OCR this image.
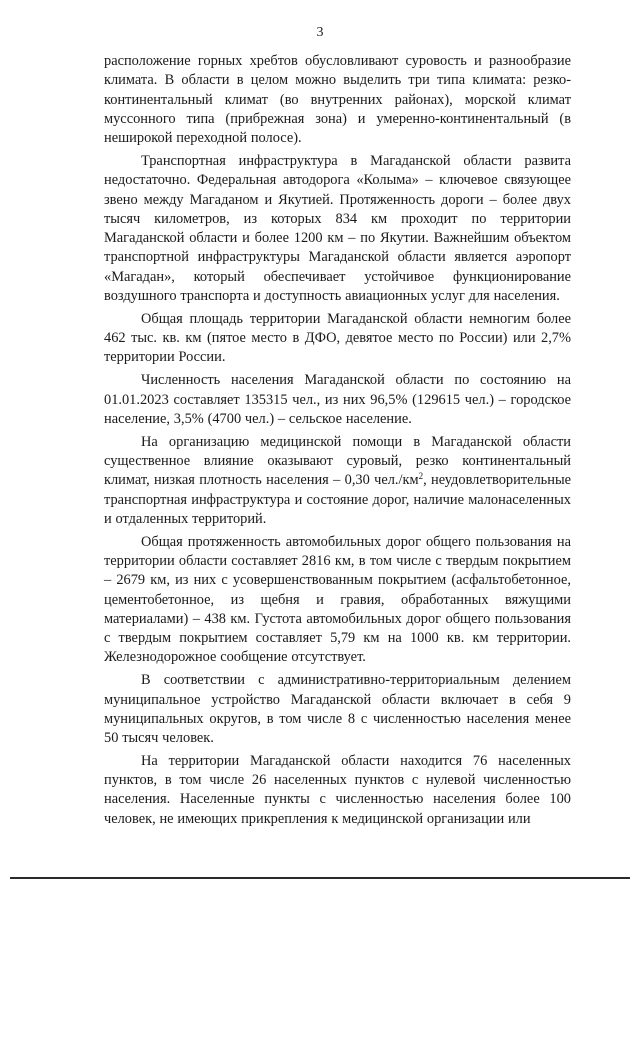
3

расположение горных хребтов обусловливают суровость и разнообразие климата. В области в целом можно выделить три типа климата: резко-континентальный климат (во внутренних районах), морской климат муссонного типа (прибрежная зона) и умеренно-континентальный (в неширокой переходной полосе).

Транспортная инфраструктура в Магаданской области развита недостаточно. Федеральная автодорога «Колыма» – ключевое связующее звено между Магаданом и Якутией. Протяженность дороги – более двух тысяч километров, из которых 834 км проходит по территории Магаданской области и более 1200 км – по Якутии. Важнейшим объектом транспортной инфраструктуры Магаданской области является аэропорт «Магадан», который обеспечивает устойчивое функционирование воздушного транспорта и доступность авиационных услуг для населения.

Общая площадь территории Магаданской области немногим более 462 тыс. кв. км (пятое место в ДФО, девятое место по России) или 2,7% территории России.

Численность населения Магаданской области по состоянию на 01.01.2023 составляет 135315 чел., из них 96,5% (129615 чел.) – городское население, 3,5% (4700 чел.) – сельское население.

На организацию медицинской помощи в Магаданской области существенное влияние оказывают суровый, резко континентальный климат, низкая плотность населения – 0,30 $чел./км^2$, неудовлетворительные транспортная инфраструктура и состояние дорог, наличие малонаселенных и отдаленных территорий.

Общая протяженность автомобильных дорог общего пользования на территории области составляет 2816 км, в том числе с твердым покрытием – 2679 км, из них с усовершенствованным покрытием (асфальтобетонное, цементобетонное, из щебня и гравия, обработанных вяжущими материалами) – 438 км. Густота автомобильных дорог общего пользования с твердым покрытием составляет 5,79 км на 1000 кв. км территории. Железнодорожное сообщение отсутствует.

В соответствии с административно-территориальным делением муниципальное устройство Магаданской области включает в себя 9 муниципальных округов, в том числе 8 с численностью населения менее 50 тысяч человек.

На территории Магаданской области находится 76 населенных пунктов, в том числе 26 населенных пунктов с нулевой численностью населения. Населенные пункты с численностью населения более 100 человек, не имеющих прикрепления к медицинской организации или
